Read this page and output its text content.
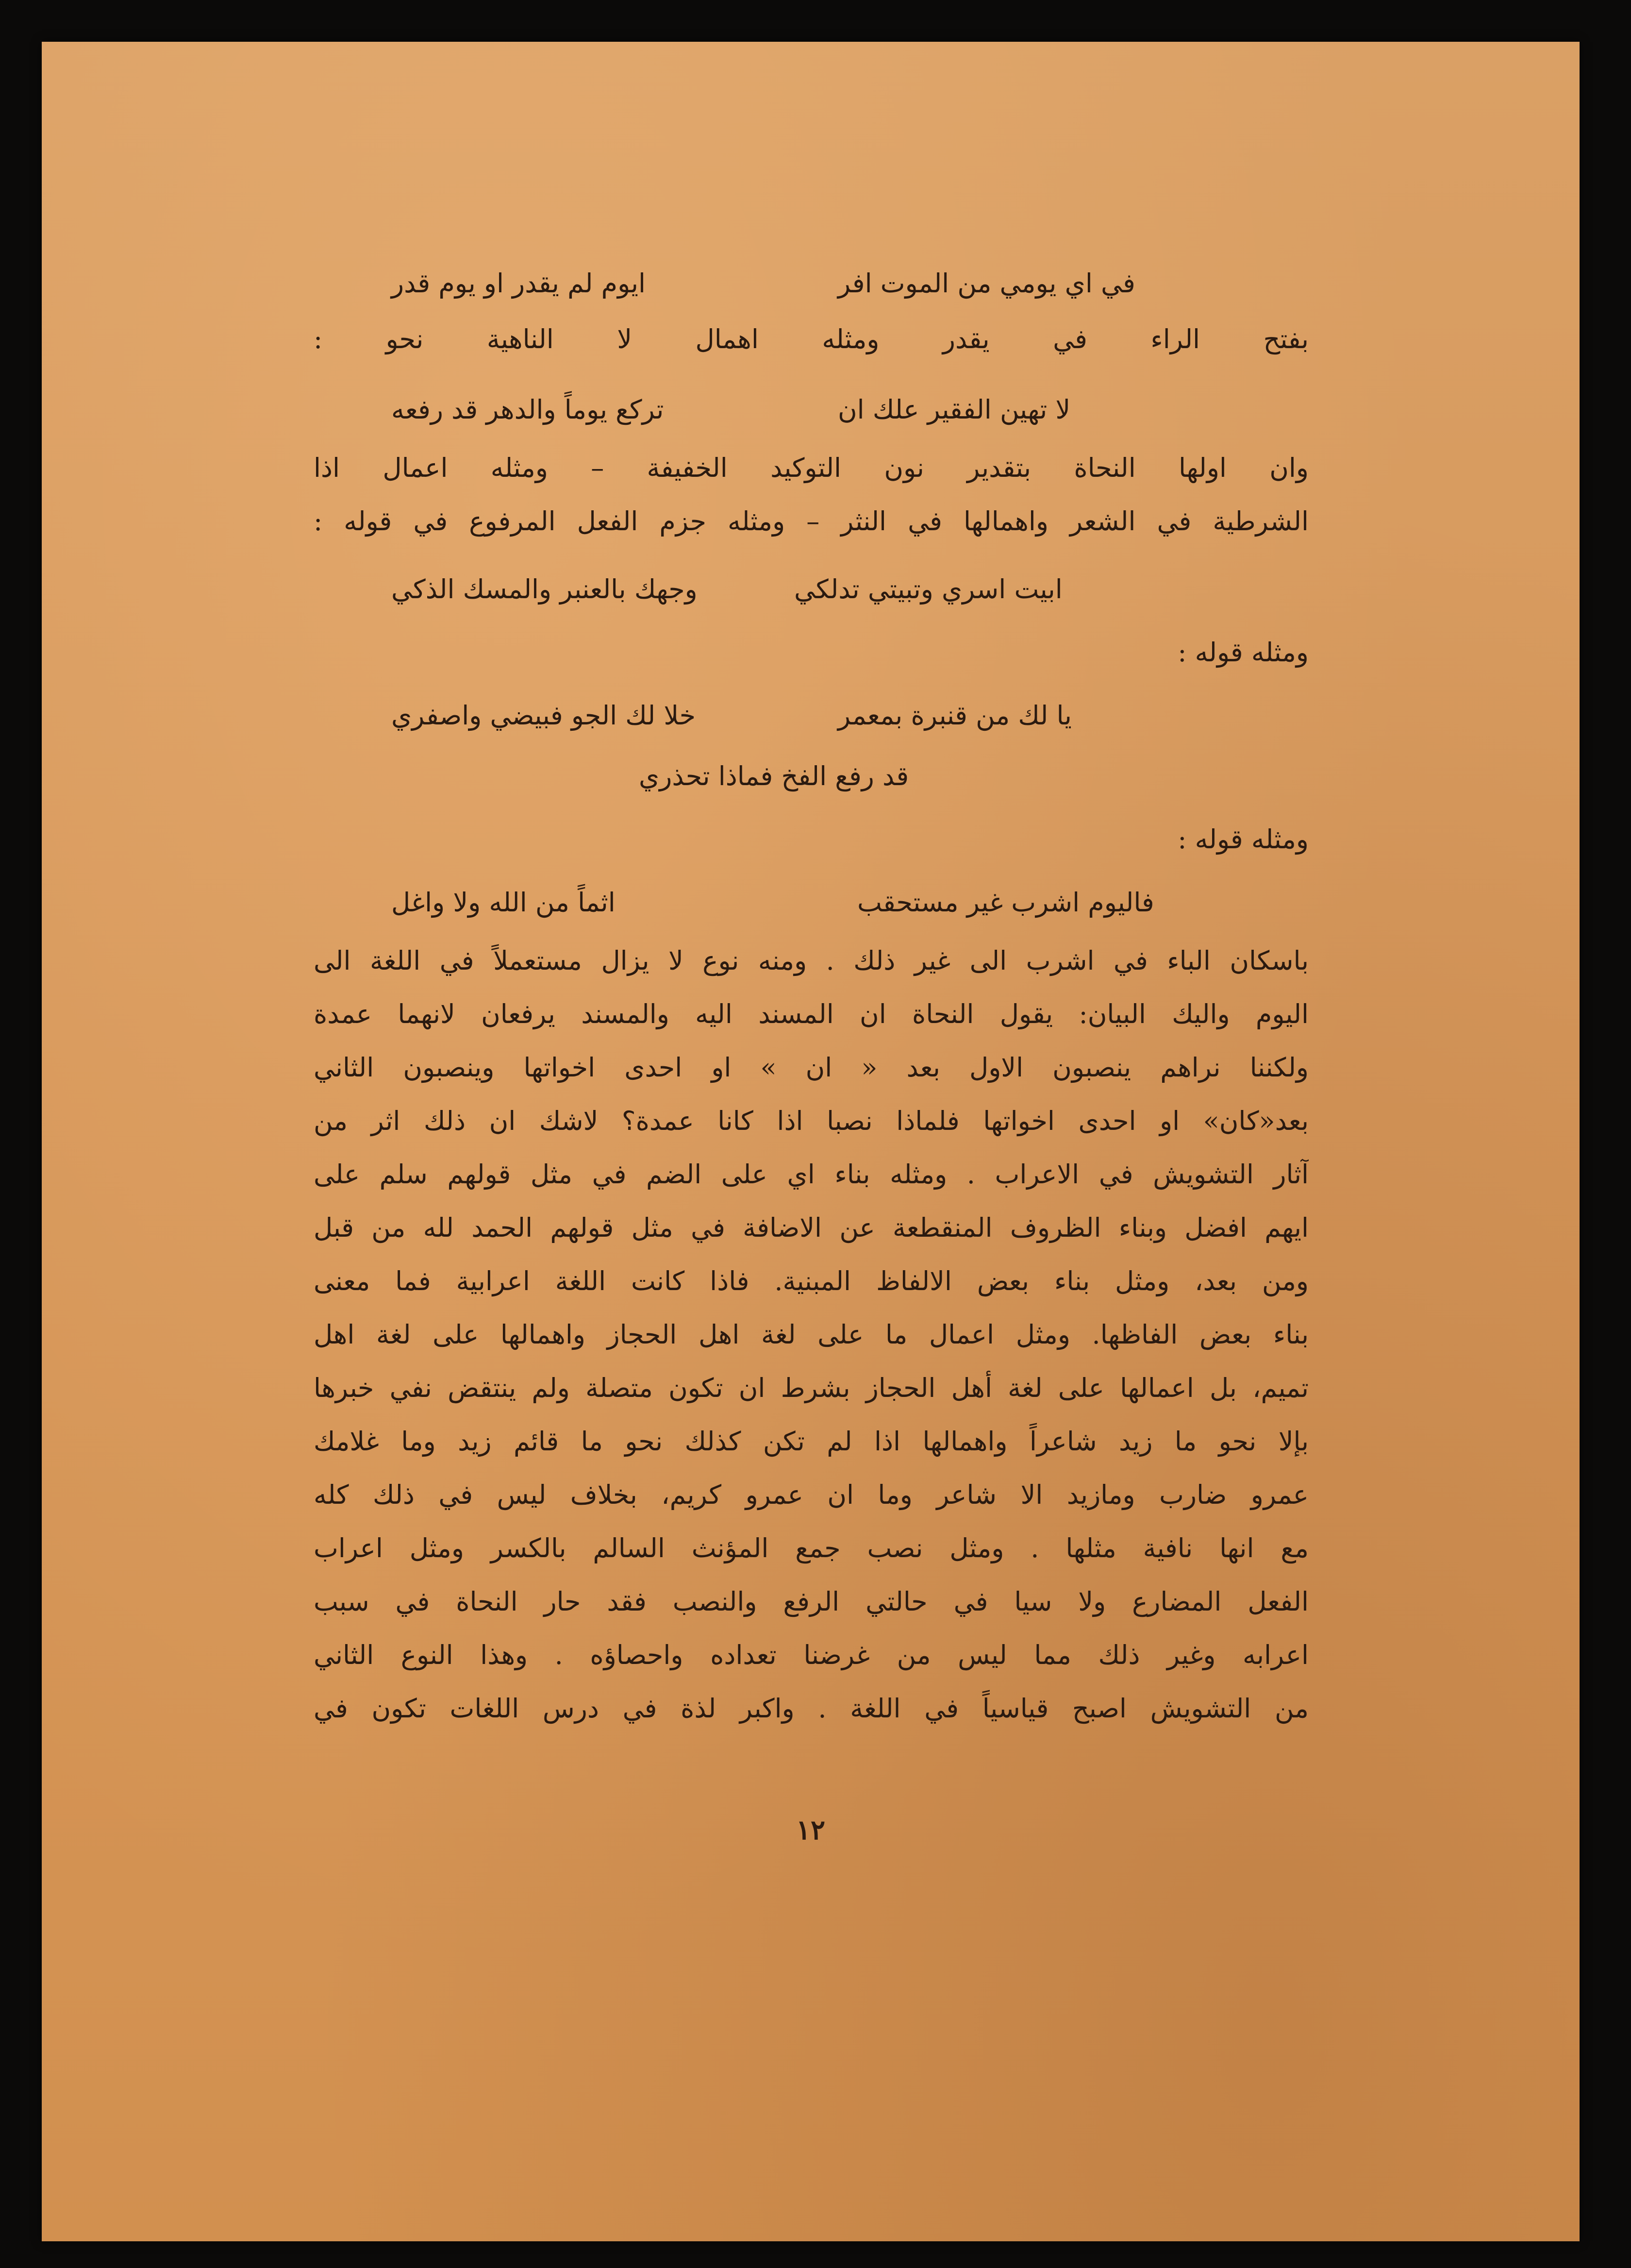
في اي يومي من الموت افر
ايوم لم يقدر او يوم قدر
بفتح الراء في يقدر ومثله اهمال لا الناهية نحو :
لا تهين الفقير علك ان
تركع يوماً والدهر قد رفعه
وان اولها النحاة بتقدير نون التوكيد الخفيفة – ومثله اعمال اذا
الشرطية في الشعر واهمالها في النثر – ومثله جزم الفعل المرفوع في قوله :
ابيت اسري وتبيتي تدلكي
وجهك بالعنبر والمسك الذكي
ومثله قوله :
يا لك من قنبرة بمعمر
خلا لك الجو فبيضي واصفري
قد رفع الفخ فماذا تحذري
ومثله قوله :
فاليوم اشرب غير مستحقب
اثماً من الله ولا واغل
باسكان الباء في اشرب الى غير ذلك . ومنه نوع لا يزال مستعملاً في اللغة الى
اليوم واليك البيان: يقول النحاة ان المسند اليه والمسند يرفعان لانهما عمدة
ولكننا نراهم ينصبون الاول بعد « ان » او احدى اخواتها وينصبون الثاني
بعد«كان» او احدى اخواتها فلماذا نصبا اذا كانا عمدة؟ لاشك ان ذلك اثر من
آثار التشويش في الاعراب . ومثله بناء اي على الضم في مثل قولهم سلم على
ايهم افضل وبناء الظروف المنقطعة عن الاضافة في مثل قولهم الحمد لله من قبل
ومن بعد، ومثل بناء بعض الالفاظ المبنية. فاذا كانت اللغة اعرابية فما معنى
بناء بعض الفاظها. ومثل اعمال ما على لغة اهل الحجاز واهمالها على لغة اهل
تميم، بل اعمالها على لغة أهل الحجاز بشرط ان تكون متصلة ولم ينتقض نفي خبرها
بإلا نحو ما زيد شاعراً واهمالها اذا لم تكن كذلك نحو ما قائم زيد وما غلامك
عمرو ضارب ومازيد الا شاعر وما ان عمرو كريم، بخلاف ليس في ذلك كله
مع انها نافية مثلها . ومثل نصب جمع المؤنث السالم بالكسر ومثل اعراب
الفعل المضارع ولا سيا في حالتي الرفع والنصب فقد حار النحاة في سبب
اعرابه وغير ذلك مما ليس من غرضنا تعداده واحصاؤه . وهذا النوع الثاني
من التشويش اصبح قياسياً في اللغة . واكبر لذة في درس اللغات تكون في
١٢
